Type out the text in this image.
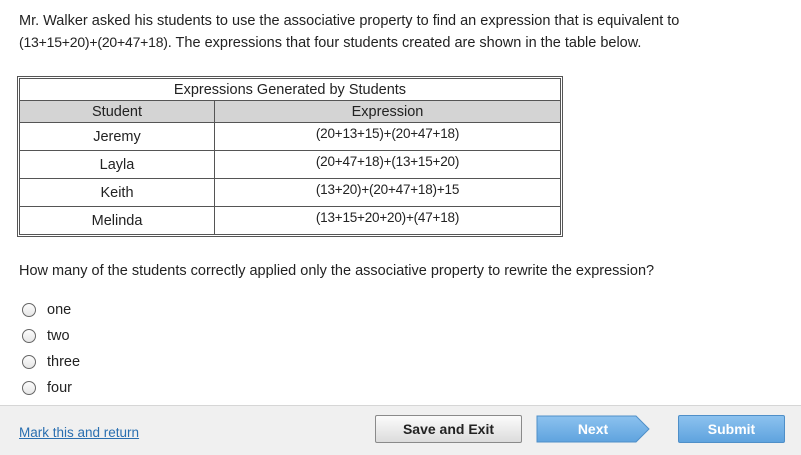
Mr. Walker asked his students to use the associative property to find an expression that is equivalent to
(13+15+20)+(20+47+18). The expressions that four students created are shown in the table below.
Expressions Generated by Students	
Student	Expression
Jeremy	(20+13+15)+(20+47+18)
Layla	(20+47+18)+(13+15+20)
Keith	(13+20)+(20+47+18)+15
Melinda	(13+15+20+20)+(47+18)
How many of the students correctly applied only the associative property to rewrite the expression?
one
two
three
four
Mark this and return	Save and Exit	Next	Submit
